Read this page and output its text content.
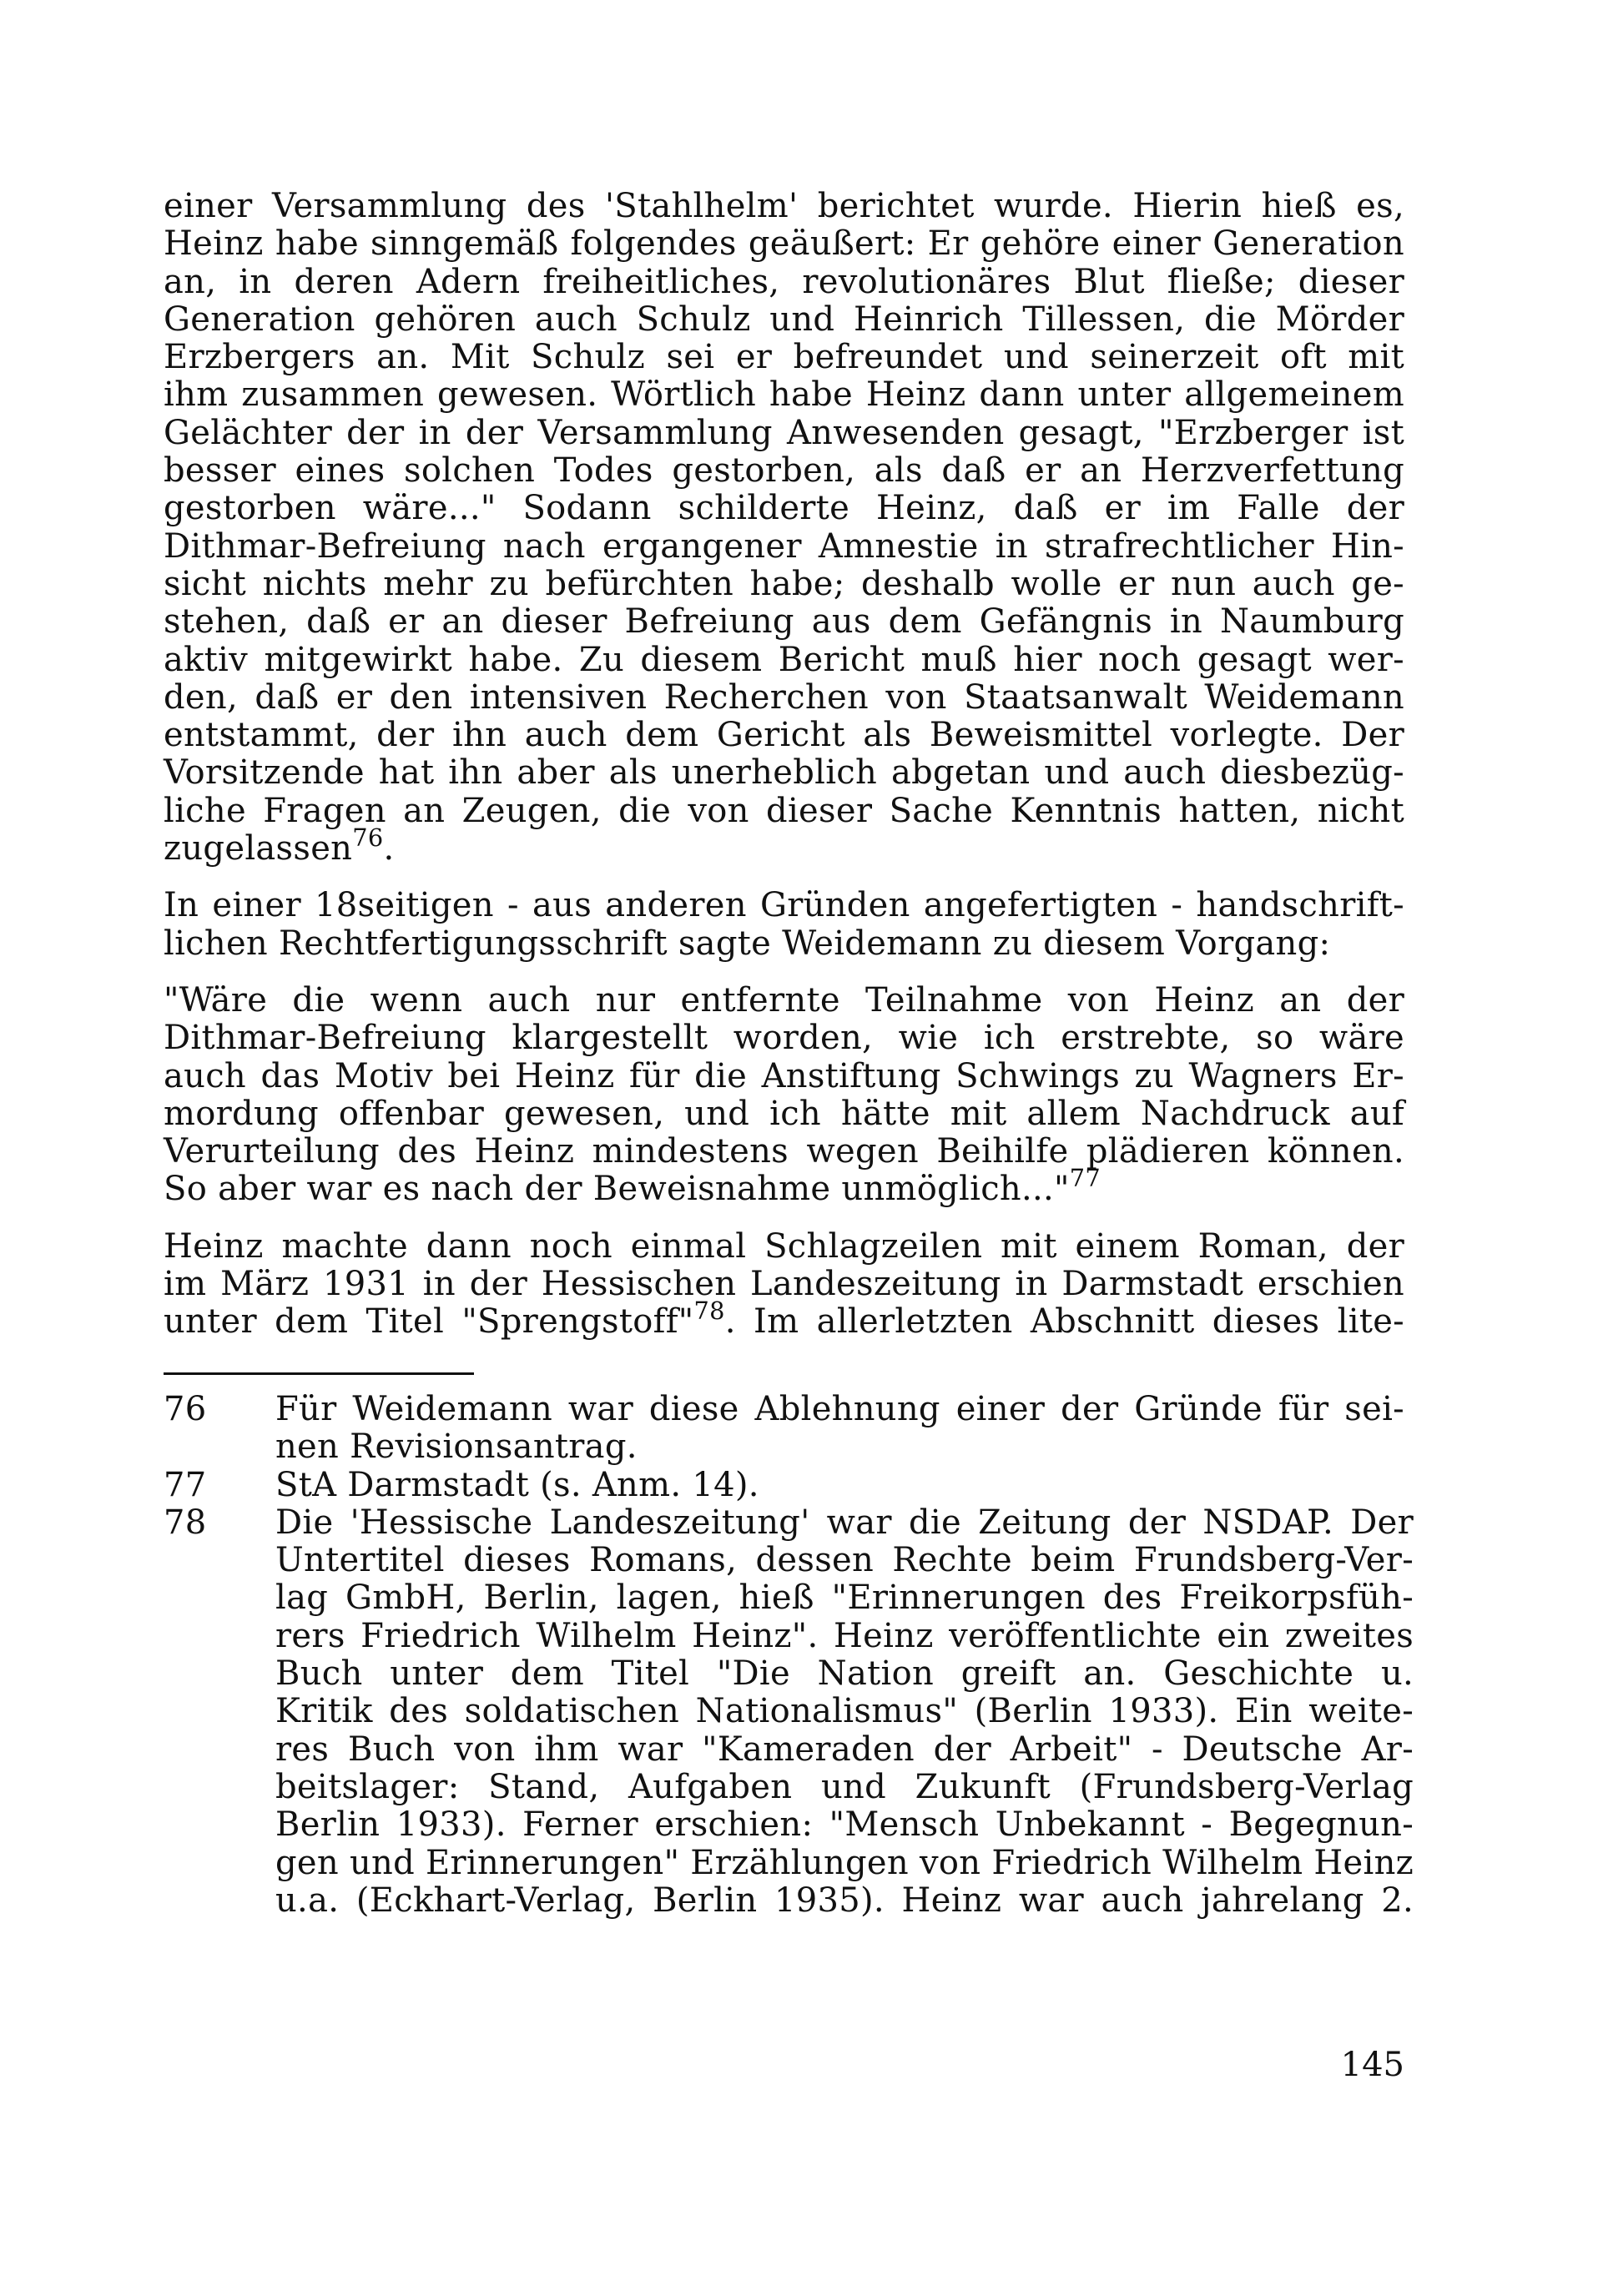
einer Versammlung des 'Stahlhelm' berichtet wurde. Hierin hieß es,
Heinz habe sinngemäß folgendes geäußert: Er gehöre einer Generation
an, in deren Adern freiheitliches, revolutionäres Blut fließe; dieser
Generation gehören auch Schulz und Heinrich Tillessen, die Mörder
Erzbergers an. Mit Schulz sei er befreundet und seinerzeit oft mit
ihm zusammen gewesen. Wörtlich habe Heinz dann unter allgemeinem
Gelächter der in der Versammlung Anwesenden gesagt, "Erzberger ist
besser eines solchen Todes gestorben, als daß er an Herzverfettung
gestorben wäre..." Sodann schilderte Heinz, daß er im Falle der
Dithmar-Befreiung nach ergangener Amnestie in strafrechtlicher Hin-
sicht nichts mehr zu befürchten habe; deshalb wolle er nun auch ge-
stehen, daß er an dieser Befreiung aus dem Gefängnis in Naumburg
aktiv mitgewirkt habe. Zu diesem Bericht muß hier noch gesagt wer-
den, daß er den intensiven Recherchen von Staatsanwalt Weidemann
entstammt, der ihn auch dem Gericht als Beweismittel vorlegte. Der
Vorsitzende hat ihn aber als unerheblich abgetan und auch diesbezüg-
liche Fragen an Zeugen, die von dieser Sache Kenntnis hatten, nicht
zugelassen$^{76}$.
In einer 18seitigen - aus anderen Gründen angefertigten - handschrift-
lichen Rechtfertigungsschrift sagte Weidemann zu diesem Vorgang:
"Wäre die wenn auch nur entfernte Teilnahme von Heinz an der
Dithmar-Befreiung klargestellt worden, wie ich erstrebte, so wäre
auch das Motiv bei Heinz für die Anstiftung Schwings zu Wagners Er-
mordung offenbar gewesen, und ich hätte mit allem Nachdruck auf
Verurteilung des Heinz mindestens wegen Beihilfe plädieren können.
So aber war es nach der Beweisnahme unmöglich..."$^{77}$
Heinz machte dann noch einmal Schlagzeilen mit einem Roman, der
im März 1931 in der Hessischen Landeszeitung in Darmstadt erschien
unter dem Titel "Sprengstoff"$^{78}$. Im allerletzten Abschnitt dieses lite-
76	Für Weidemann war diese Ablehnung einer der Gründe für sei-
nen Revisionsantrag.
77	StA Darmstadt (s. Anm. 14).
78	Die 'Hessische Landeszeitung' war die Zeitung der NSDAP. Der
Untertitel dieses Romans, dessen Rechte beim Frundsberg-Ver-
lag GmbH, Berlin, lagen, hieß "Erinnerungen des Freikorpsfüh-
rers Friedrich Wilhelm Heinz". Heinz veröffentlichte ein zweites
Buch unter dem Titel "Die Nation greift an. Geschichte u.
Kritik des soldatischen Nationalismus" (Berlin 1933). Ein weite-
res Buch von ihm war "Kameraden der Arbeit" - Deutsche Ar-
beitslager: Stand, Aufgaben und Zukunft (Frundsberg-Verlag
Berlin 1933). Ferner erschien: "Mensch Unbekannt - Begegnun-
gen und Erinnerungen" Erzählungen von Friedrich Wilhelm Heinz
u.a. (Eckhart-Verlag, Berlin 1935). Heinz war auch jahrelang 2.
145
